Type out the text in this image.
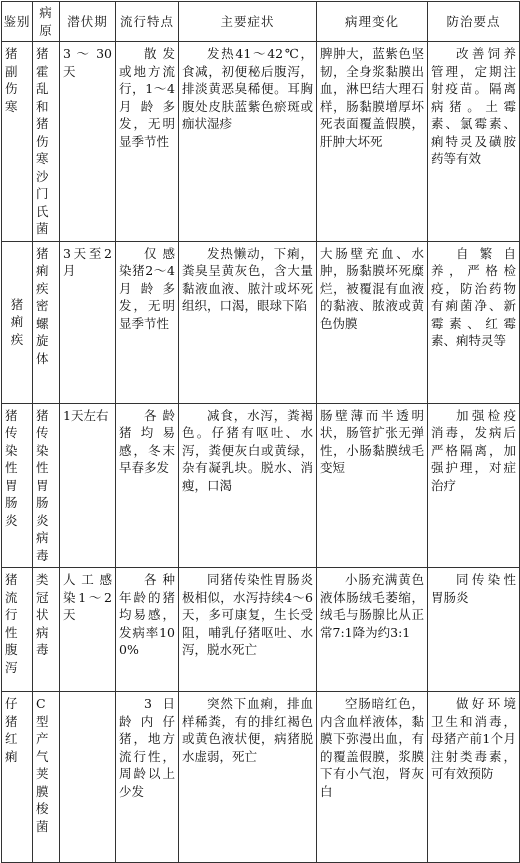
鉴别	病原	潜伏期	流行特点	主要症状	病理变化	防治要点
猪副伤寒	猪霍乱和猪伤寒沙门氏菌	3 ～ 30天	散发或地方流行，1～4月龄多发，无明显季节性	发热41～42℃，食减，初便秘后腹泻，排淡黄恶臭稀便。耳胸腹处皮肤蓝紫色瘀斑或痂状湿疹	脾肿大，蓝紫色坚韧，全身浆黏膜出血，淋巴结大理石样，肠黏膜增厚坏死表面覆盖假膜，肝肿大坏死	改善饲养管理，定期注射疫苗。隔离病猪。土霉素、氯霉素、痢特灵及磺胺药等有效
猪痢疾	猪痢疾密螺旋体	3天至2月	仅感染猪2～4月龄多发，无明显季节性	发热懒动，下痢，粪臭呈黄灰色，含大量黏液血液、脓汁或坏死组织，口渴，眼球下陷	大肠壁充血、水肿，肠黏膜坏死糜烂，被覆混有血液的黏液、脓液或黄色伪膜	自繁自养，严格检疫，防治药物有痢菌净、新霉素、红霉素、痢特灵等
猪传染性胃肠炎	猪传染性胃肠炎病毒	1天左右	各龄猪均易感，冬末早春多发	减食，水泻，粪褐色。仔猪有呕吐、水泻，粪便灰白或黄绿，杂有凝乳块。脱水、消瘦，口渴	肠壁薄而半透明状，肠管扩张无弹性，小肠黏膜绒毛变短	加强检疫消毒，发病后严格隔离，加强护理，对症治疗
猪流行性腹泻	类冠状病毒	人工感染1～2天	各种年龄的猪均易感，发病率100%	同猪传染性胃肠炎极相似，水泻持续4～6天，多可康复，生长受阻，哺乳仔猪呕吐、水泻，脱水死亡	小肠充满黄色液体肠绒毛萎缩，绒毛与肠腺比从正常7:1降为约3:1	同传染性胃肠炎
仔猪红痢	C型产气荚膜梭菌		3日龄内仔猪，地方流行性，周龄以上少发	突然下血痢，排血样稀粪，有的排红褐色或黄色液状便，病猪脱水虚弱，死亡	空肠暗红色，内含血样液体，黏膜下弥漫出血，有的覆盖假膜，浆膜下有小气泡，肾灰白	做好环境卫生和消毒，母猪产前1个月注射类毒素，可有效预防
